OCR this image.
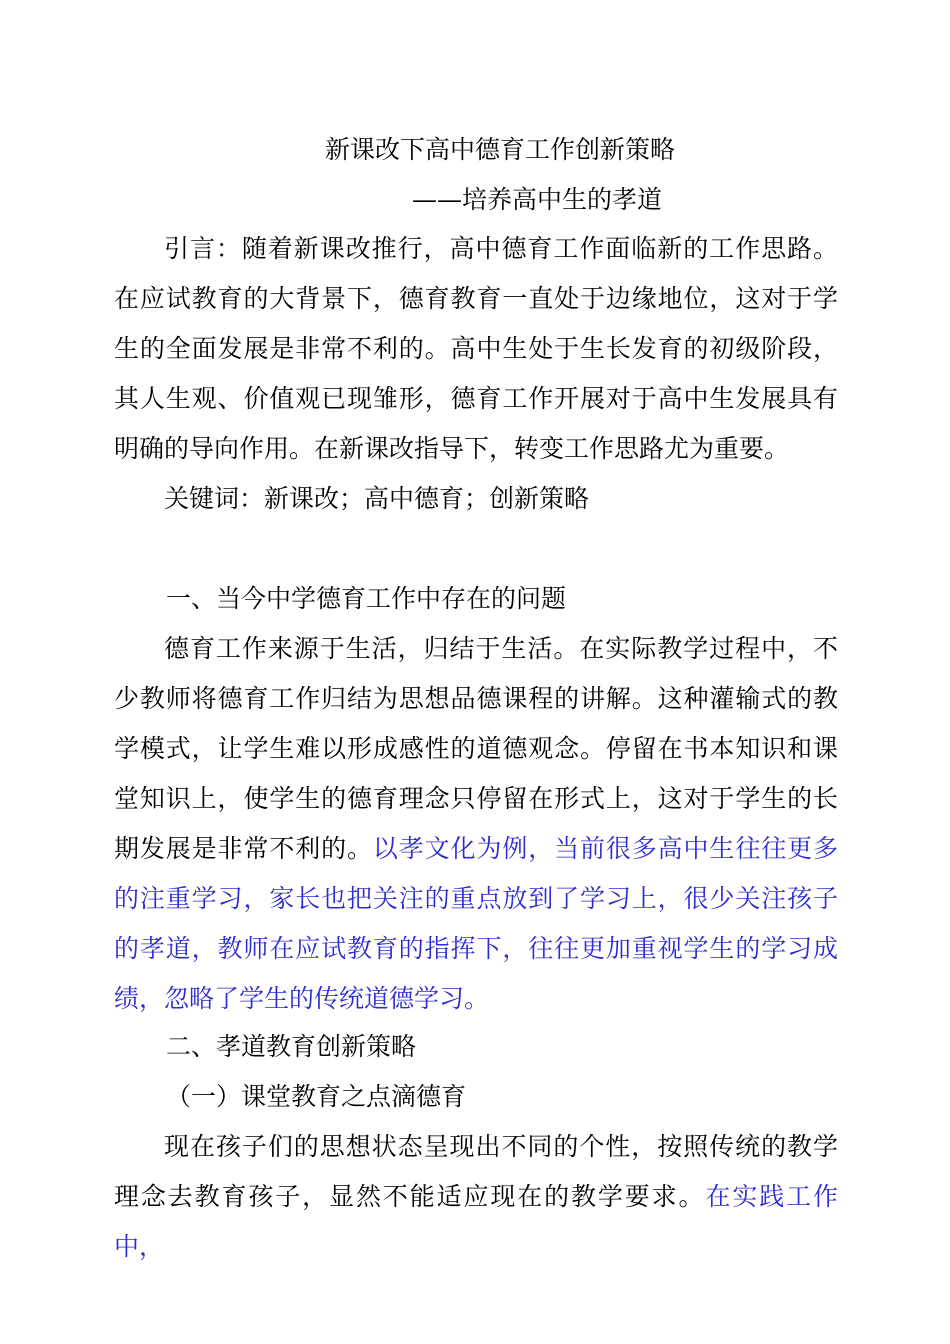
新课改下高中德育工作创新策略
——培养高中生的孝道

引言：随着新课改推行，高中德育工作面临新的工作思路。在应试教育的大背景下，德育教育一直处于边缘地位，这对于学生的全面发展是非常不利的。高中生处于生长发育的初级阶段，其人生观、价值观已现雏形，德育工作开展对于高中生发展具有明确的导向作用。在新课改指导下，转变工作思路尤为重要。

关键词：新课改；高中德育；创新策略

一、当今中学德育工作中存在的问题

德育工作来源于生活，归结于生活。在实际教学过程中，不少教师将德育工作归结为思想品德课程的讲解。这种灌输式的教学模式，让学生难以形成感性的道德观念。停留在书本知识和课堂知识上，使学生的德育理念只停留在形式上，这对于学生的长期发展是非常不利的。以孝文化为例，当前很多高中生往往更多的注重学习，家长也把关注的重点放到了学习上，很少关注孩子的孝道，教师在应试教育的指挥下，往往更加重视学生的学习成绩，忽略了学生的传统道德学习。

二、孝道教育创新策略
（一）课堂教育之点滴德育

现在孩子们的思想状态呈现出不同的个性，按照传统的教学理念去教育孩子，显然不能适应现在的教学要求。在实践工作中，
